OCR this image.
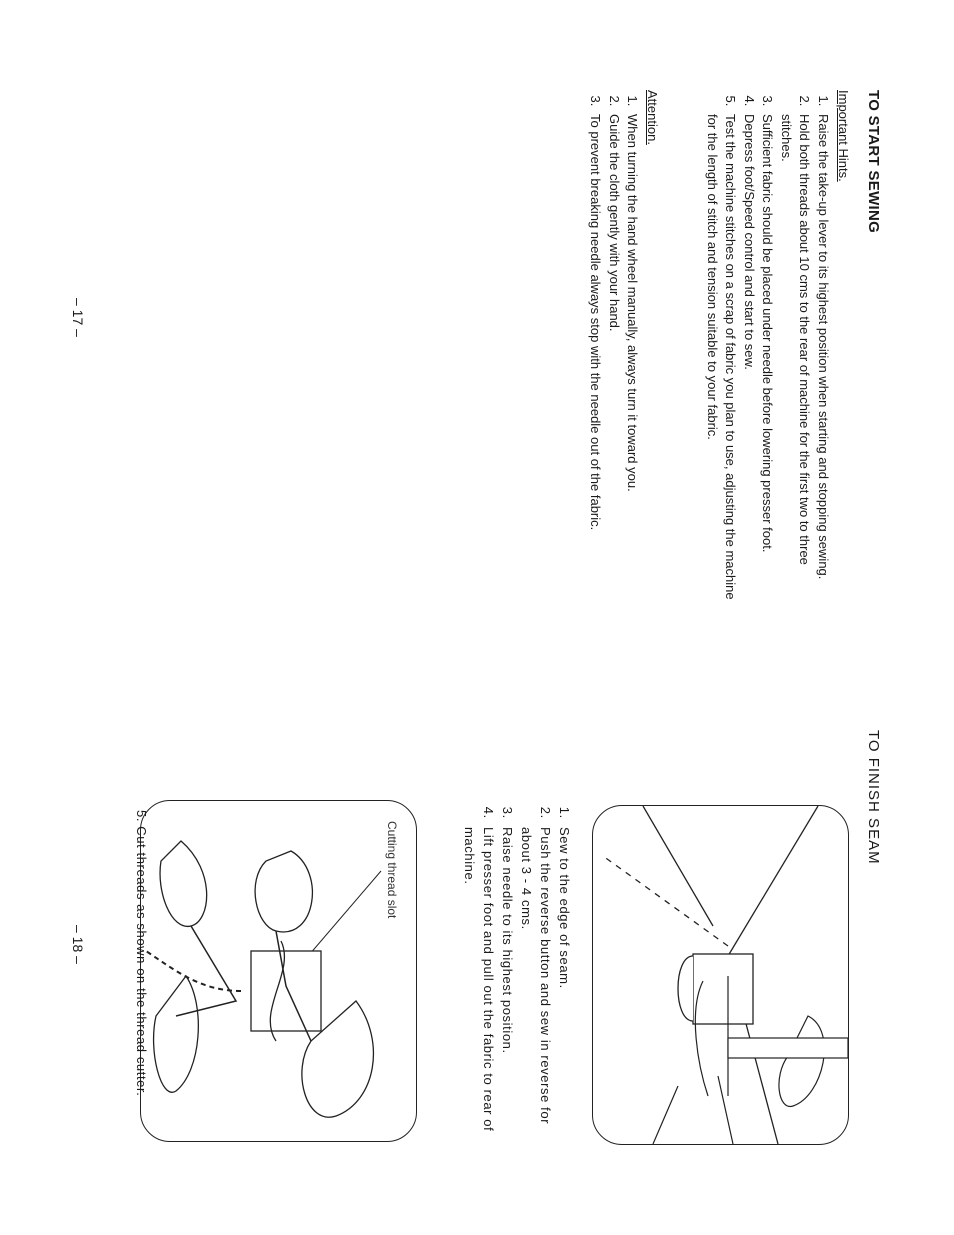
TO START SEWING
Important Hints.
1. Raise the take-up lever to its highest position when starting and stopping sewing.
2. Hold both threads about 10 cms to the rear of machine for the first two to three stitches.
3. Sufficient fabric should be placed under needle before lowering presser foot.
4. Depress foot/Speed control and start to sew.
5. Test the machine stitches on a scrap of fabric you plan to use, adjusting the machine for the length of stitch and tension suitable to your fabric.
Attention.
1. When turning the hand wheel manually, always turn it toward you.
2. Guide the cloth gently with your hand.
3. To prevent breaking needle always stop with the needle out of the fabric.
– 17 –
TO FINISH SEAM
1. Sew to the edge of seam.
2. Push the reverse button and sew in reverse for about 3 - 4 cms.
3. Raise needle to its highest position.
4. Lift presser foot and pull out the fabric to rear of machine.
Cutting thread slot
5. Cut threads as shown on the thread cutter.
– 18 –
